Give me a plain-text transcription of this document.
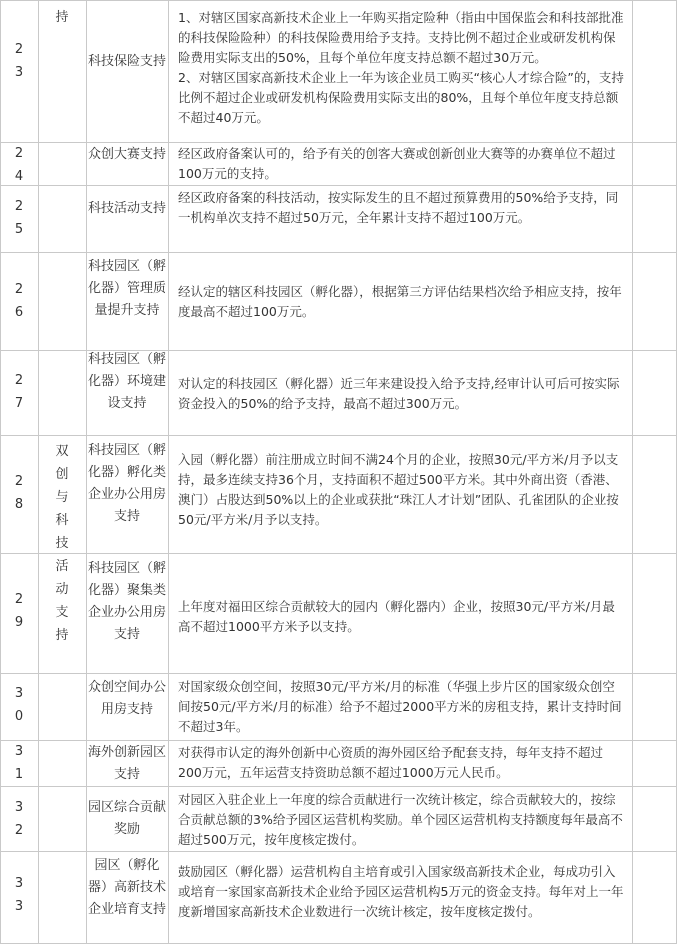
持
双创与科技活动支持
2
3
科技保险支持

1、对辖区国家高新技术企业上一年购买指定险种（指由中国保监会和科技部批准的科技保险险种）的科技保险费用给予支持。支持比例不超过企业或研发机构保险费用实际支出的50%，且每个单位年度支持总额不超过30万元。

2、对辖区国家高新技术企业上一年为该企业员工购买“核心人才综合险”的，支持比例不超过企业或研发机构保险费用实际支出的80%，且每个单位年度支持总额不超过40万元。

2
4
众创大赛支持 经区政府备案认可的，给予有关的创客大赛或创新创业大赛等的办赛单位不超过100万元的支持。

2
5
科技活动支持

经区政府备案的科技活动，按实际发生的且不超过预算费用的50%给予支持，同一机构单次支持不超过50万元，全年累计支持不超过100万元。

2
6
科技园区（孵化器）管理质量提升支持

经认定的辖区科技园区（孵化器），根据第三方评估结果档次给予相应支持，按年度最高不超过100万元。

2
7
科技园区（孵化器）环境建设支持

对认定的科技园区（孵化器）近三年来建设投入给予支持,经审计认可后可按实际资金投入的50%的给予支持，最高不超过300万元。

2
8
科技园区（孵化器）孵化类企业办公用房支持

入园（孵化器）前注册成立时间不满24个月的企业，按照30元/平方米/月予以支持，最多连续支持36个月，支持面积不超过500平方米。其中外商出资（香港、澳门）占股达到50%以上的企业或获批“珠江人才计划”团队、孔雀团队的企业按50元/平方米/月予以支持。

2
9
科技园区（孵化器）聚集类企业办公用房支持

上年度对福田区综合贡献较大的园内（孵化器内）企业，按照30元/平方米/月最高不超过1000平方米予以支持。

3
0
众创空间办公用房支持

对国家级众创空间，按照30元/平方米/月的标准（华强上步片区的国家级众创空间按50元/平方米/月的标准）给予不超过2000平方米的房租支持，累计支持时间不超过3年。

3
1
海外创新园区支持

对获得市认定的海外创新中心资质的海外园区给予配套支持，每年支持不超过200万元，五年运营支持资助总额不超过1000万元人民币。

3
2
园区综合贡献奖励

对园区入驻企业上一年度的综合贡献进行一次统计核定，综合贡献较大的，按综合贡献总额的3%给予园区运营机构奖励。单个园区运营机构支持额度每年最高不超过500万元，按年度核定拨付。

3
3
园区（孵化器）高新技术企业培育支持

鼓励园区（孵化器）运营机构自主培育或引入国家级高新技术企业，每成功引入或培育一家国家高新技术企业给予园区运营机构5万元的资金支持。每年对上一年度新增国家高新技术企业数进行一次统计核定，按年度核定拨付。
